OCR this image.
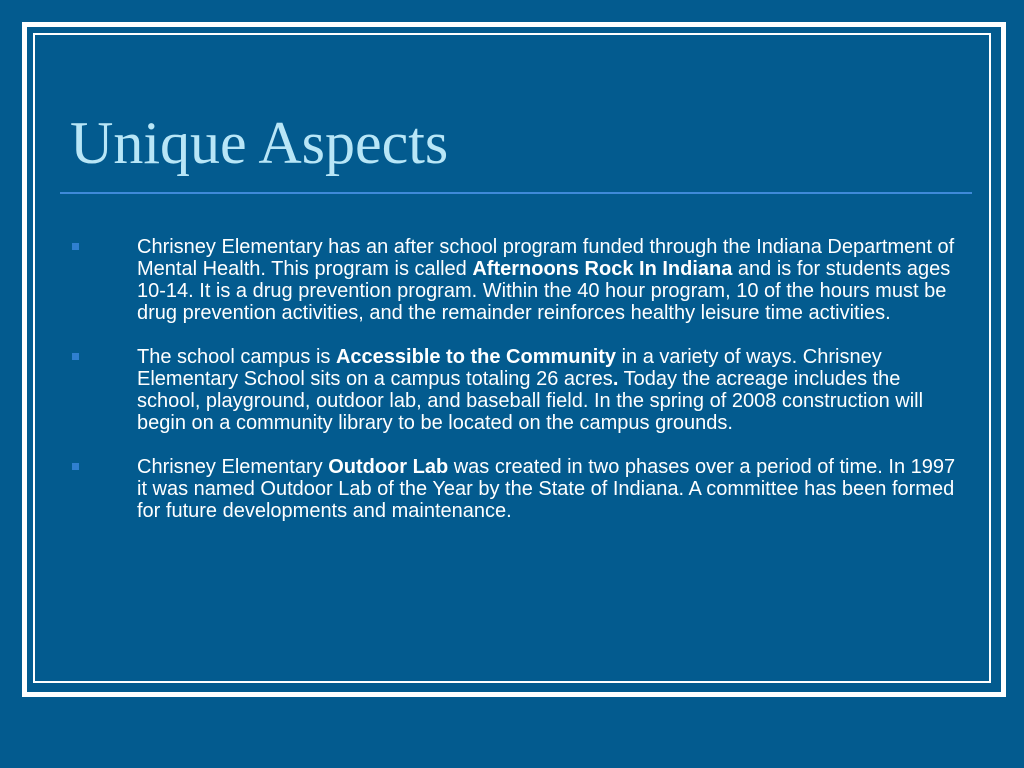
Unique Aspects
Chrisney Elementary has an after school program funded through the Indiana Department of Mental Health. This program is called Afternoons Rock In Indiana and is for students ages 10-14. It is a drug prevention program. Within the 40 hour program, 10 of the hours must be drug prevention activities, and the remainder reinforces healthy leisure time activities.
The school campus is Accessible to the Community in a variety of ways. Chrisney Elementary School sits on a campus totaling 26 acres. Today the acreage includes the school, playground, outdoor lab, and baseball field. In the spring of 2008 construction will begin on a community library to be located on the campus grounds.
Chrisney Elementary Outdoor Lab was created in two phases over a period of time. In 1997 it was named Outdoor Lab of the Year by the State of Indiana. A committee has been formed for future developments and maintenance.
